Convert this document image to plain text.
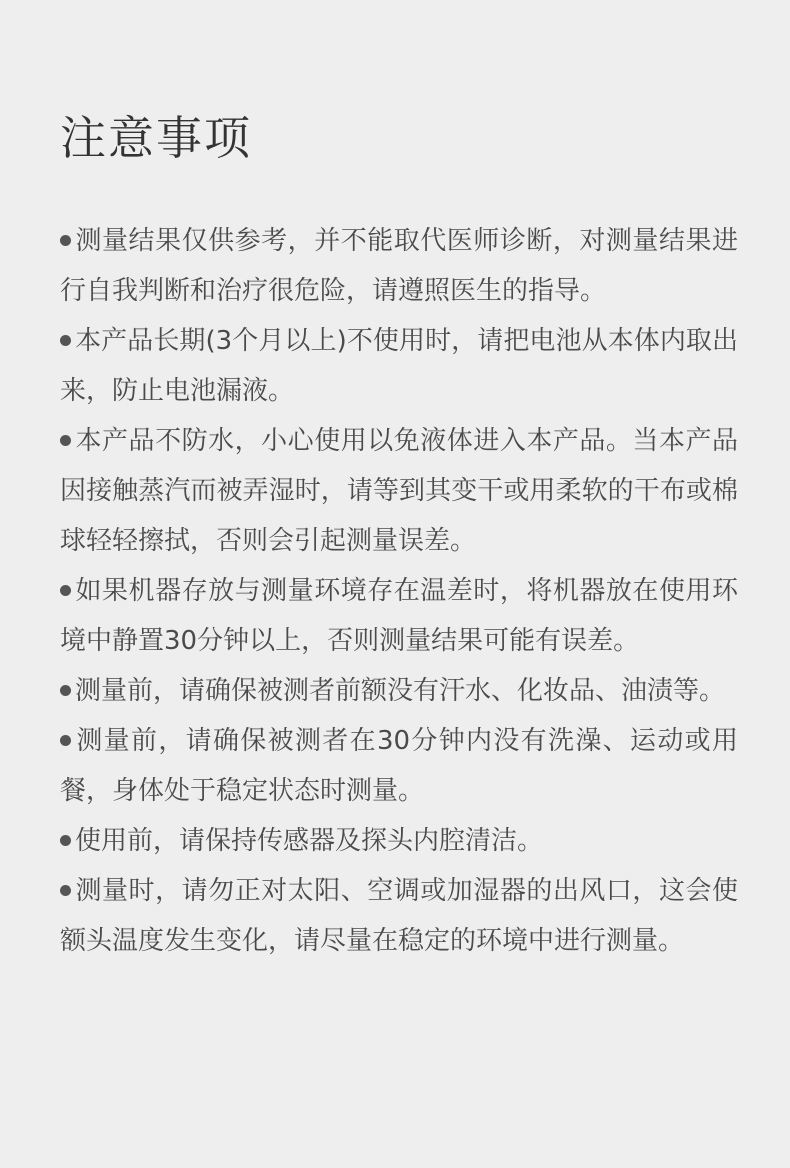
注意事项
测量结果仅供参考，并不能取代医师诊断，对测量结果进行自我判断和治疗很危险，请遵照医生的指导。
本产品长期(3个月以上)不使用时，请把电池从本体内取出来，防止电池漏液。
本产品不防水，小心使用以免液体进入本产品。当本产品因接触蒸汽而被弄湿时，请等到其变干或用柔软的干布或棉球轻轻擦拭，否则会引起测量误差。
如果机器存放与测量环境存在温差时，将机器放在使用环境中静置30分钟以上，否则测量结果可能有误差。
测量前，请确保被测者前额没有汗水、化妆品、油渍等。
测量前，请确保被测者在30分钟内没有洗澡、运动或用餐，身体处于稳定状态时测量。
使用前，请保持传感器及探头内腔清洁。
测量时，请勿正对太阳、空调或加湿器的出风口，这会使额头温度发生变化，请尽量在稳定的环境中进行测量。
